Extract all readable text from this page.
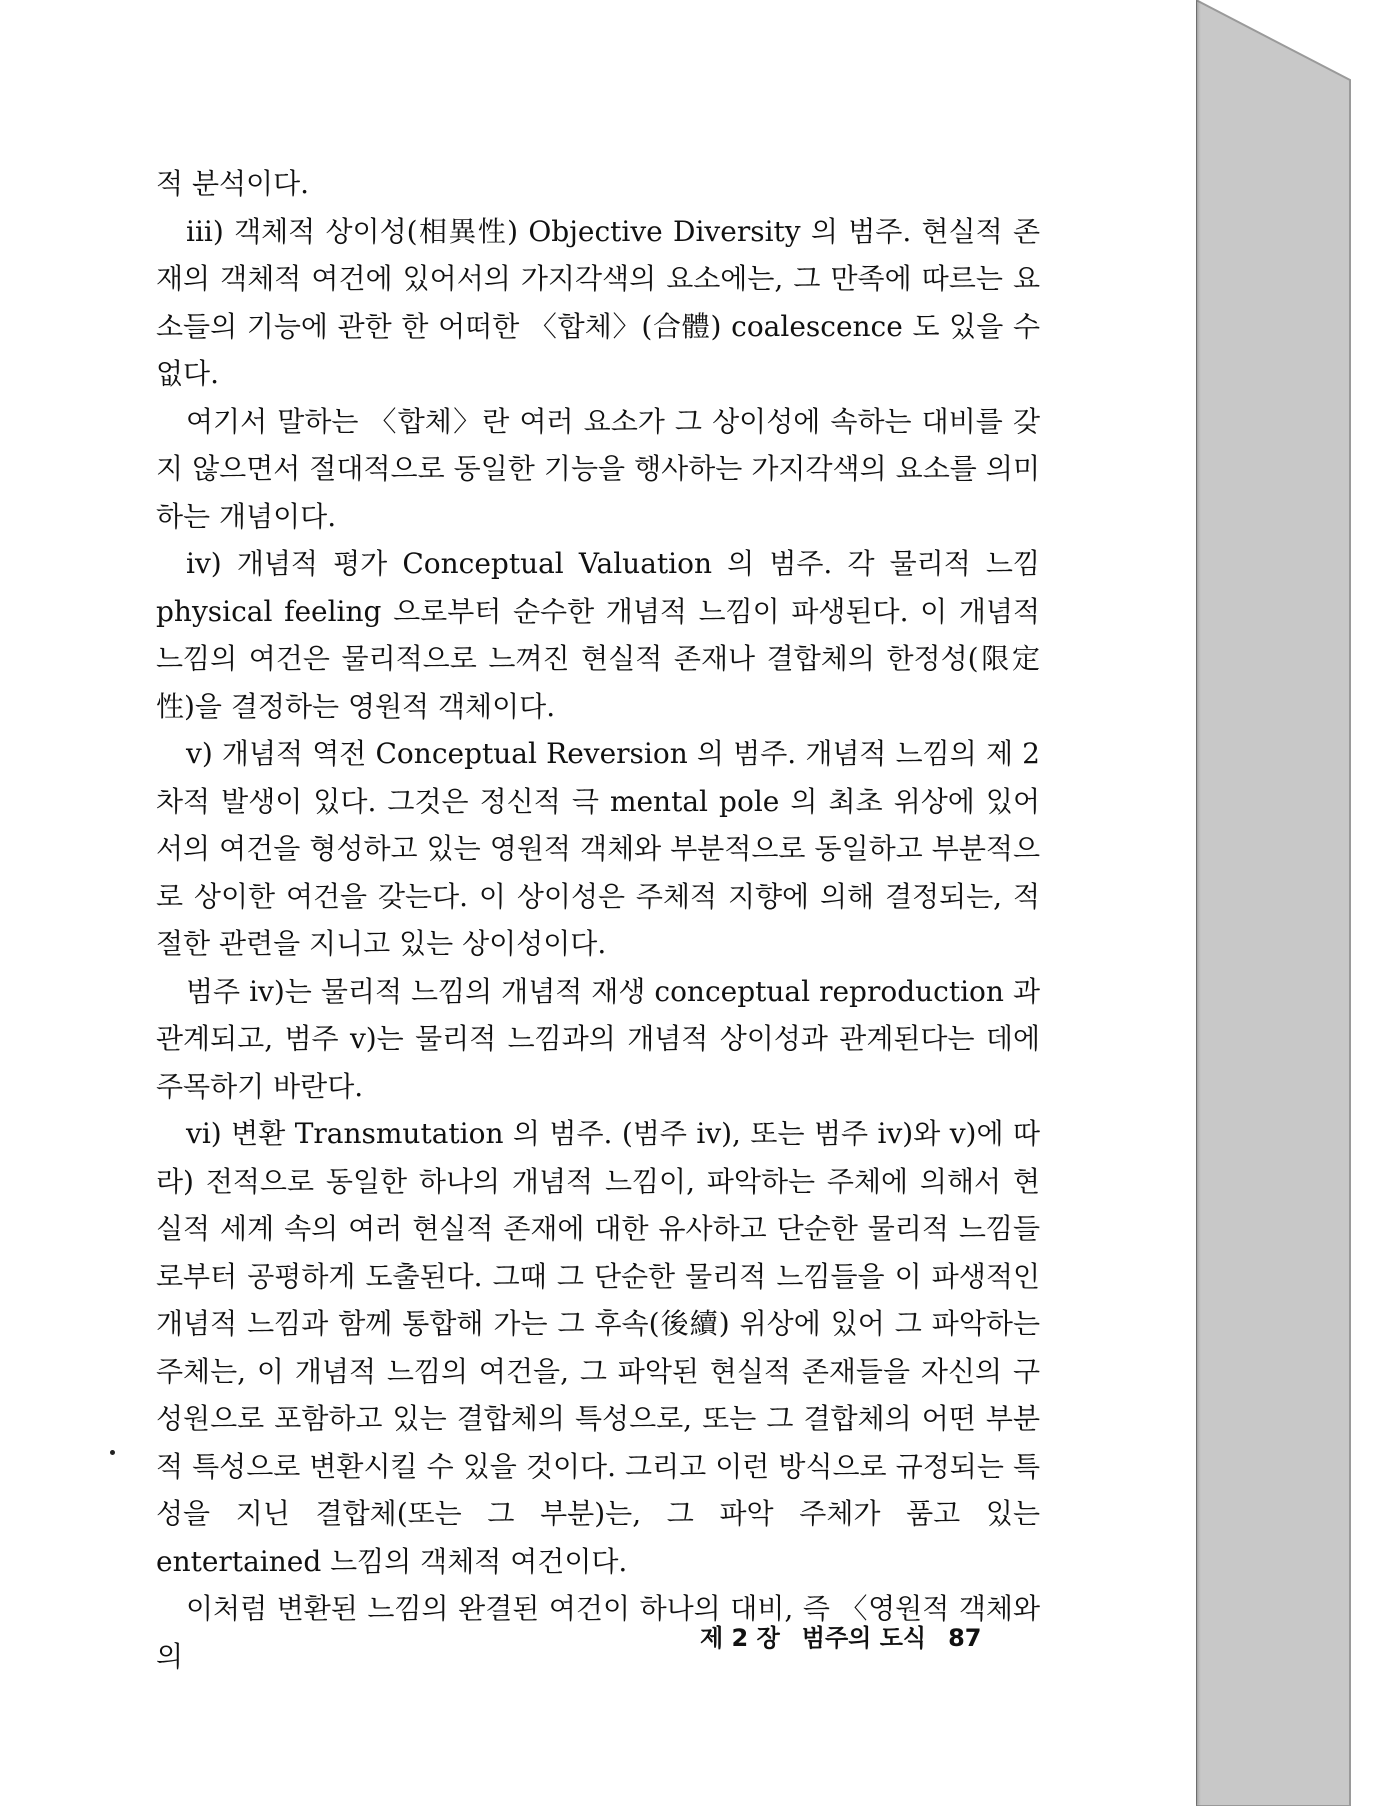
적 분석이다.

iii) 객체적 상이성(相異性) Objective Diversity 의 범주. 현실적 존재의 객체적 여건에 있어서의 가지각색의 요소에는, 그 만족에 따르는 요소들의 기능에 관한 한 어떠한 〈합체〉(合體) coalescence 도 있을 수 없다.

여기서 말하는 〈합체〉란 여러 요소가 그 상이성에 속하는 대비를 갖지 않으면서 절대적으로 동일한 기능을 행사하는 가지각색의 요소를 의미하는 개념이다.

iv) 개념적 평가 Conceptual Valuation 의 범주. 각 물리적 느낌 physical feeling 으로부터 순수한 개념적 느낌이 파생된다. 이 개념적 느낌의 여건은 물리적으로 느껴진 현실적 존재나 결합체의 한정성(限定性)을 결정하는 영원적 객체이다.

v) 개념적 역전 Conceptual Reversion 의 범주. 개념적 느낌의 제 2 차적 발생이 있다. 그것은 정신적 극 mental pole 의 최초 위상에 있어서의 여건을 형성하고 있는 영원적 객체와 부분적으로 동일하고 부분적으로 상이한 여건을 갖는다. 이 상이성은 주체적 지향에 의해 결정되는, 적절한 관련을 지니고 있는 상이성이다.

범주 iv)는 물리적 느낌의 개념적 재생 conceptual reproduction 과 관계되고, 범주 v)는 물리적 느낌과의 개념적 상이성과 관계된다는 데에 주목하기 바란다.

vi) 변환 Transmutation 의 범주. (범주 iv), 또는 범주 iv)와 v)에 따라) 전적으로 동일한 하나의 개념적 느낌이, 파악하는 주체에 의해서 현실적 세계 속의 여러 현실적 존재에 대한 유사하고 단순한 물리적 느낌들로부터 공평하게 도출된다. 그때 그 단순한 물리적 느낌들을 이 파생적인 개념적 느낌과 함께 통합해 가는 그 후속(後續) 위상에 있어 그 파악하는 주체는, 이 개념적 느낌의 여건을, 그 파악된 현실적 존재들을 자신의 구성원으로 포함하고 있는 결합체의 특성으로, 또는 그 결합체의 어떤 부분적 특성으로 변환시킬 수 있을 것이다. 그리고 이런 방식으로 규정되는 특성을 지닌 결합체(또는 그 부분)는, 그 파악 주체가 품고 있는 entertained 느낌의 객체적 여건이다.

이처럼 변환된 느낌의 완결된 여건이 하나의 대비, 즉 〈영원적 객체와의

제 2 장 범주의 도식 87
